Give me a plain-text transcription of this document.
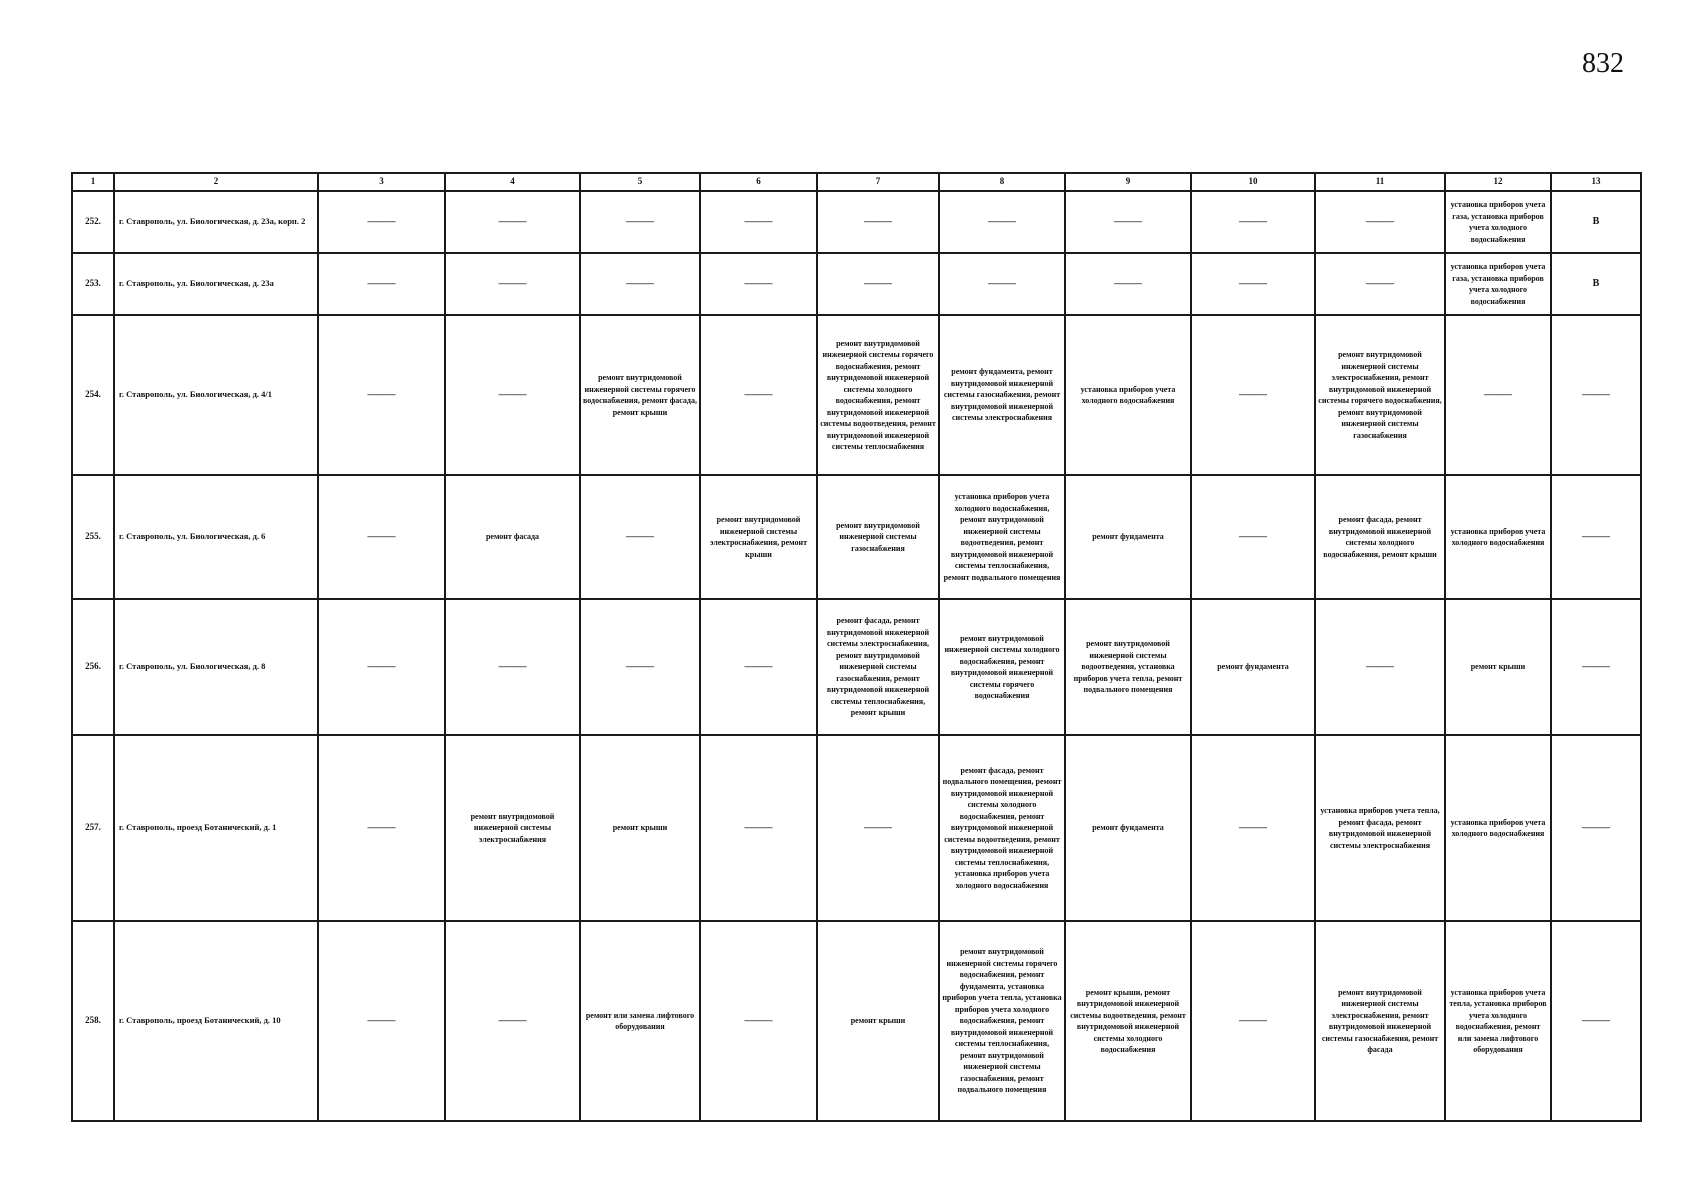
832
1	2	3	4	5	6	7	8	9	10	11	12	13
252.	г. Ставрополь, ул. Биологическая, д. 23а, корп. 2	——	——	——	——	——	——	——	——	——	установка приборов учета газа, установка приборов учета холодного водоснабжения	В
253.	г. Ставрополь, ул. Биологическая, д. 23а	——	——	——	——	——	——	——	——	——	установка приборов учета газа, установка приборов учета холодного водоснабжения	В
254.	г. Ставрополь, ул. Биологическая, д. 4/1	——	——	ремонт внутридомовой инженерной системы горячего водоснабжения, ремонт фасада, ремонт крыши	——	ремонт внутридомовой инженерной системы горячего водоснабжения, ремонт внутридомовой инженерной системы холодного водоснабжения, ремонт внутридомовой инженерной системы водоотведения, ремонт внутридомовой инженерной системы теплоснабжения	ремонт фундамента, ремонт внутридомовой инженерной системы газоснабжения, ремонт внутридомовой инженерной системы электроснабжения	установка приборов учета холодного водоснабжения	——	ремонт внутридомовой инженерной системы электроснабжения, ремонт внутридомовой инженерной системы горячего водоснабжения, ремонт внутридомовой инженерной системы газоснабжения	——	——
255.	г. Ставрополь, ул. Биологическая, д. 6	——	ремонт фасада	——	ремонт внутридомовой инженерной системы электроснабжения, ремонт крыши	ремонт внутридомовой инженерной системы газоснабжения	установка приборов учета холодного водоснабжения, ремонт внутридомовой инженерной системы водоотведения, ремонт внутридомовой инженерной системы теплоснабжения, ремонт подвального помещения	ремонт фундамента	——	ремонт фасада, ремонт внутридомовой инженерной системы холодного водоснабжения, ремонт крыши	установка приборов учета холодного водоснабжения	——
256.	г. Ставрополь, ул. Биологическая, д. 8	——	——	——	——	ремонт фасада, ремонт внутридомовой инженерной системы электроснабжения, ремонт внутридомовой инженерной системы газоснабжения, ремонт внутридомовой инженерной системы теплоснабжения, ремонт крыши	ремонт внутридомовой инженерной системы холодного водоснабжения, ремонт внутридомовой инженерной системы горячего водоснабжения	ремонт внутридомовой инженерной системы водоотведения, установка приборов учета тепла, ремонт подвального помещения	ремонт фундамента	——	ремонт крыши	——
257.	г. Ставрополь, проезд Ботанический, д. 1	——	ремонт внутридомовой инженерной системы электроснабжения	ремонт крыши	——	——	ремонт фасада, ремонт подвального помещения, ремонт внутридомовой инженерной системы холодного водоснабжения, ремонт внутридомовой инженерной системы водоотведения, ремонт внутридомовой инженерной системы теплоснабжения, установка приборов учета холодного водоснабжения	ремонт фундамента	——	установка приборов учета тепла, ремонт фасада, ремонт внутридомовой инженерной системы электроснабжения	установка приборов учета холодного водоснабжения	——
258.	г. Ставрополь, проезд Ботанический, д. 10	——	——	ремонт или замена лифтового оборудования	——	ремонт крыши	ремонт внутридомовой инженерной системы горячего водоснабжения, ремонт фундамента, установка приборов учета тепла, установка приборов учета холодного водоснабжения, ремонт внутридомовой инженерной системы теплоснабжения, ремонт внутридомовой инженерной системы газоснабжения, ремонт подвального помещения	ремонт крыши, ремонт внутридомовой инженерной системы водоотведения, ремонт внутридомовой инженерной системы холодного водоснабжения	——	ремонт внутридомовой инженерной системы электроснабжения, ремонт внутридомовой инженерной системы газоснабжения, ремонт фасада	установка приборов учета тепла, установка приборов учета холодного водоснабжения, ремонт или замена лифтового оборудования	——
